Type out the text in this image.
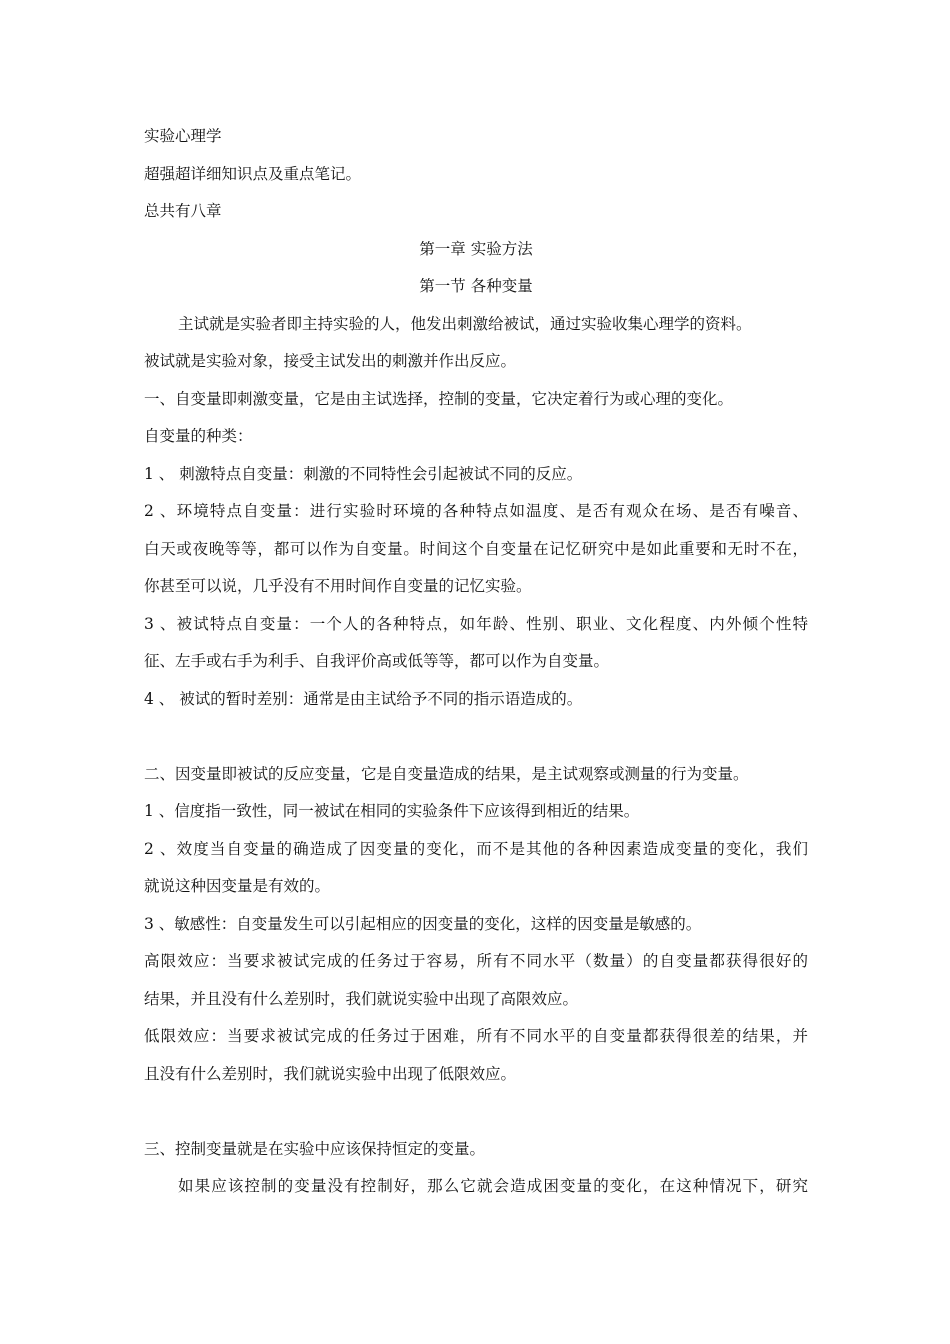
实验心理学
超强超详细知识点及重点笔记。
总共有八章
第一章 实验方法
第一节 各种变量
主试就是实验者即主持实验的人，他发出刺激给被试，通过实验收集心理学的资料。
被试就是实验对象，接受主试发出的刺激并作出反应。
一、自变量即刺激变量，它是由主试选择，控制的变量，它决定着行为或心理的变化。
自变量的种类：
1 、 刺激特点自变量：刺激的不同特性会引起被试不同的反应。
2 、环境特点自变量：进行实验时环境的各种特点如温度、是否有观众在场、是否有噪音、
白天或夜晚等等，都可以作为自变量。时间这个自变量在记忆研究中是如此重要和无时不在，
你甚至可以说，几乎没有不用时间作自变量的记忆实验。
3 、被试特点自变量：一个人的各种特点，如年龄、性别、职业、文化程度、内外倾个性特
征、左手或右手为利手、自我评价高或低等等，都可以作为自变量。
4 、 被试的暂时差别：通常是由主试给予不同的指示语造成的。
二、因变量即被试的反应变量，它是自变量造成的结果，是主试观察或测量的行为变量。
1 、信度指一致性，同一被试在相同的实验条件下应该得到相近的结果。
2 、效度当自变量的确造成了因变量的变化，而不是其他的各种因素造成变量的变化，我们
就说这种因变量是有效的。
3 、敏感性：自变量发生可以引起相应的因变量的变化，这样的因变量是敏感的。
高限效应：当要求被试完成的任务过于容易，所有不同水平（数量）的自变量都获得很好的
结果，并且没有什么差别时，我们就说实验中出现了高限效应。
低限效应：当要求被试完成的任务过于困难，所有不同水平的自变量都获得很差的结果，并
且没有什么差别时，我们就说实验中出现了低限效应。
三、控制变量就是在实验中应该保持恒定的变量。
如果应该控制的变量没有控制好，那么它就会造成困变量的变化，在这种情况下，研究
